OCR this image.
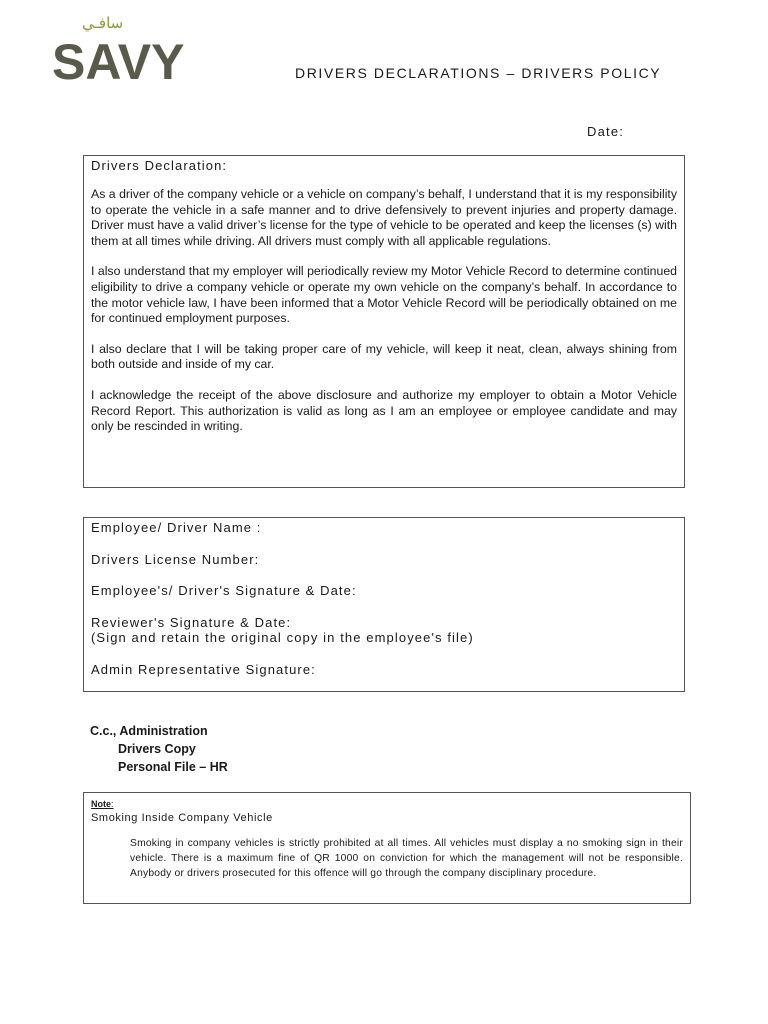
سافـي
SAVY	DRIVERS DECLARATIONS – DRIVERS POLICY
Date:

Drivers Declaration:

As a driver of the company vehicle or a vehicle on company’s behalf, I understand that it is my responsibility to operate the vehicle in a safe manner and to drive defensively to prevent injuries and property damage. Driver must have a valid driver’s license for the type of vehicle to be operated and keep the licenses (s) with them at all times while driving. All drivers must comply with all applicable regulations.

I also understand that my employer will periodically review my Motor Vehicle Record to determine continued eligibility to drive a company vehicle or operate my own vehicle on the company’s behalf. In accordance to the motor vehicle law, I have been informed that a Motor Vehicle Record will be periodically obtained on me for continued employment purposes.

I also declare that I will be taking proper care of my vehicle, will keep it neat, clean, always shining from both outside and inside of my car.

I acknowledge the receipt of the above disclosure and authorize my employer to obtain a Motor Vehicle Record Report. This authorization is valid as long as I am an employee or employee candidate and may only be rescinded in writing.

Employee/ Driver Name :

Drivers License Number:

Employee's/ Driver's Signature & Date:

Reviewer's Signature & Date:

(Sign and retain the original copy in the employee's file)

Admin Representative Signature:

C.c., Administration
Drivers Copy
Personal File – HR
Note:

Smoking Inside Company Vehicle

Smoking in company vehicles is strictly prohibited at all times. All vehicles must display a no smoking sign in their vehicle. There is a maximum fine of QR 1000 on conviction for which the management will not be responsible. Anybody or drivers prosecuted for this offence will go through the company disciplinary procedure.
